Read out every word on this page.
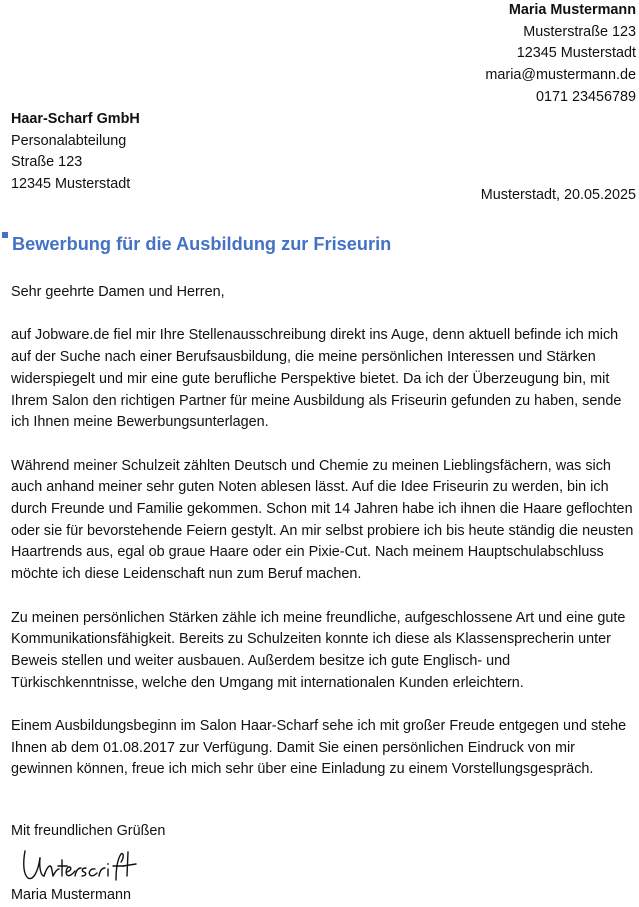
Maria Mustermann
Musterstraße 123
12345 Musterstadt
maria@mustermann.de
0171 23456789
Haar-Scharf GmbH
Personalabteilung
Straße 123
12345 Musterstadt
Musterstadt, 20.05.2025
Bewerbung für die Ausbildung zur Friseurin

Sehr geehrte Damen und Herren,

auf Jobware.de fiel mir Ihre Stellenausschreibung direkt ins Auge, denn aktuell befinde ich mich auf der Suche nach einer Berufsausbildung, die meine persönlichen Interessen und Stärken widerspiegelt und mir eine gute berufliche Perspektive bietet. Da ich der Überzeugung bin, mit Ihrem Salon den richtigen Partner für meine Ausbildung als Friseurin gefunden zu haben, sende ich Ihnen meine Bewerbungsunterlagen.

Während meiner Schulzeit zählten Deutsch und Chemie zu meinen Lieblingsfächern, was sich auch anhand meiner sehr guten Noten ablesen lässt. Auf die Idee Friseurin zu werden, bin ich durch Freunde und Familie gekommen. Schon mit 14 Jahren habe ich ihnen die Haare geflochten oder sie für bevorstehende Feiern gestylt. An mir selbst probiere ich bis heute ständig die neusten Haartrends aus, egal ob graue Haare oder ein Pixie-Cut. Nach meinem Hauptschulabschluss möchte ich diese Leidenschaft nun zum Beruf machen.

Zu meinen persönlichen Stärken zähle ich meine freundliche, aufgeschlossene Art und eine gute Kommunikationsfähigkeit. Bereits zu Schulzeiten konnte ich diese als Klassensprecherin unter Beweis stellen und weiter ausbauen. Außerdem besitze ich gute Englisch- und Türkischkenntnisse, welche den Umgang mit internationalen Kunden erleichtern.

Einem Ausbildungsbeginn im Salon Haar-Scharf sehe ich mit großer Freude entgegen und stehe Ihnen ab dem 01.08.2017 zur Verfügung. Damit Sie einen persönlichen Eindruck von mir gewinnen können, freue ich mich sehr über eine Einladung zu einem Vorstellungsgespräch.

Mit freundlichen Grüßen
Maria Mustermann
